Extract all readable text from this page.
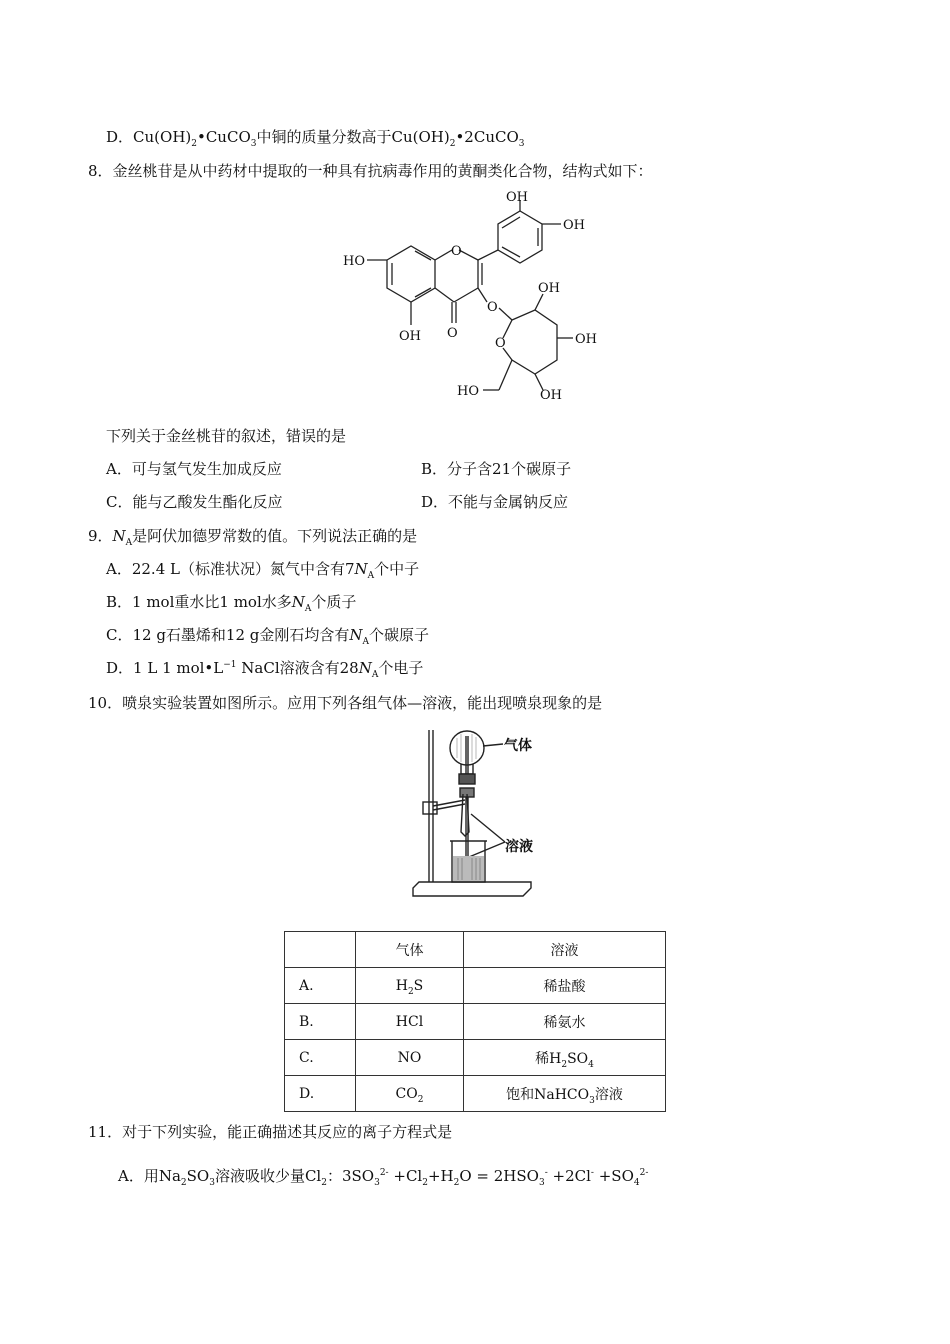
D．$Cu(OH)_2•CuCO_3$中铜的质量分数高于$Cu(OH)_2•2CuCO_3$
8．金丝桃苷是从中药材中提取的一种具有抗病毒作用的黄酮类化合物，结构式如下：
OH
OH
HO
O
O
OH
O
OH	O	OH
HO	OH
下列关于金丝桃苷的叙述，错误的是
A．可与氢气发生加成反应	B．分子含21个碳原子
C．能与乙酸发生酯化反应	D．不能与金属钠反应
9．$N_A$是阿伏加德罗常数的值。下列说法正确的是
A．22.4 L（标准状况）氮气中含有$7N_A$个中子
B．1 mol重水比1 mol水多$N_A$个质子
C．12 g石墨烯和12 g金刚石均含有$N_A$个碳原子
D．1 L 1 $mol•L^{-1}$ NaCl溶液含有$28N_A$个电子
10．喷泉实验装置如图所示。应用下列各组气体—溶液，能出现喷泉现象的是
气体
溶液
	气体	溶液
A.	$H_2S$	稀盐酸
B.	HCl	稀氨水
C.	NO	稀$H_2SO_4$
D.	$CO_2$	饱和NaHCO$_3$溶液
11．对于下列实验，能正确描述其反应的离子方程式是
A．用$Na_2SO_3$溶液吸收少量$Cl_2$：$3SO_3^{2-} +Cl_2+H_2O = 2HSO_3^- +2Cl^- +SO_4^{2-}$
